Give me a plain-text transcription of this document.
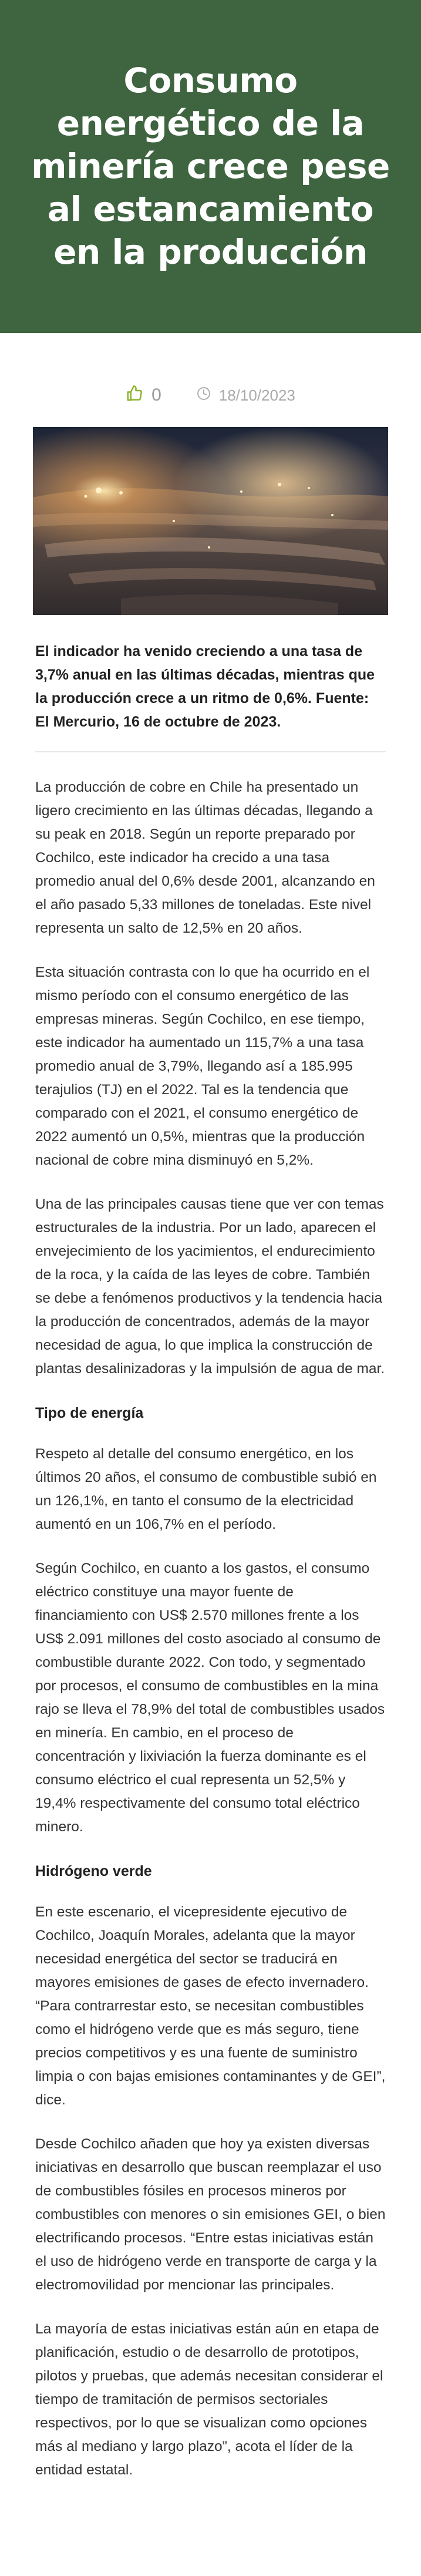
Consumo energético de la minería crece pese al estancamiento en la producción
0	18/10/2023

El indicador ha venido creciendo a una tasa de 3,7% anual en las últimas décadas, mientras que la producción crece a un ritmo de 0,6%. Fuente: El Mercurio, 16 de octubre de 2023.

La producción de cobre en Chile ha presentado un ligero crecimiento en las últimas décadas, llegando a su peak en 2018. Según un reporte preparado por Cochilco, este indicador ha crecido a una tasa promedio anual del 0,6% desde 2001, alcanzando en el año pasado 5,33 millones de toneladas. Este nivel representa un salto de 12,5% en 20 años.

Esta situación contrasta con lo que ha ocurrido en el mismo período con el consumo energético de las empresas mineras. Según Cochilco, en ese tiempo, este indicador ha aumentado un 115,7% a una tasa promedio anual de 3,79%, llegando así a 185.995 terajulios (TJ) en el 2022. Tal es la tendencia que comparado con el 2021, el consumo energético de 2022 aumentó un 0,5%, mientras que la producción nacional de cobre mina disminuyó en 5,2%.

Una de las principales causas tiene que ver con temas estructurales de la industria. Por un lado, aparecen el envejecimiento de los yacimientos, el endurecimiento de la roca, y la caída de las leyes de cobre. También se debe a fenómenos productivos y la tendencia hacia la producción de concentrados, además de la mayor necesidad de agua, lo que implica la construcción de plantas desalinizadoras y la impulsión de agua de mar.

Tipo de energía

Respeto al detalle del consumo energético, en los últimos 20 años, el consumo de combustible subió en un 126,1%, en tanto el consumo de la electricidad aumentó en un 106,7% en el período.

Según Cochilco, en cuanto a los gastos, el consumo eléctrico constituye una mayor fuente de financiamiento con US$ 2.570 millones frente a los US$ 2.091 millones del costo asociado al consumo de combustible durante 2022. Con todo, y segmentado por procesos, el consumo de combustibles en la mina rajo se lleva el 78,9% del total de combustibles usados en minería. En cambio, en el proceso de concentración y lixiviación la fuerza dominante es el consumo eléctrico el cual representa un 52,5% y 19,4% respectivamente del consumo total eléctrico minero.

Hidrógeno verde

En este escenario, el vicepresidente ejecutivo de Cochilco, Joaquín Morales, adelanta que la mayor necesidad energética del sector se traducirá en mayores emisiones de gases de efecto invernadero. “Para contrarrestar esto, se necesitan combustibles como el hidrógeno verde que es más seguro, tiene precios competitivos y es una fuente de suministro limpia o con bajas emisiones contaminantes y de GEI”, dice.

Desde Cochilco añaden que hoy ya existen diversas iniciativas en desarrollo que buscan reemplazar el uso de combustibles fósiles en procesos mineros por combustibles con menores o sin emisiones GEI, o bien electrificando procesos. “Entre estas iniciativas están el uso de hidrógeno verde en transporte de carga y la electromovilidad por mencionar las principales.

La mayoría de estas iniciativas están aún en etapa de planificación, estudio o de desarrollo de prototipos, pilotos y pruebas, que además necesitan considerar el tiempo de tramitación de permisos sectoriales respectivos, por lo que se visualizan como opciones más al mediano y largo plazo”, acota el líder de la entidad estatal.
